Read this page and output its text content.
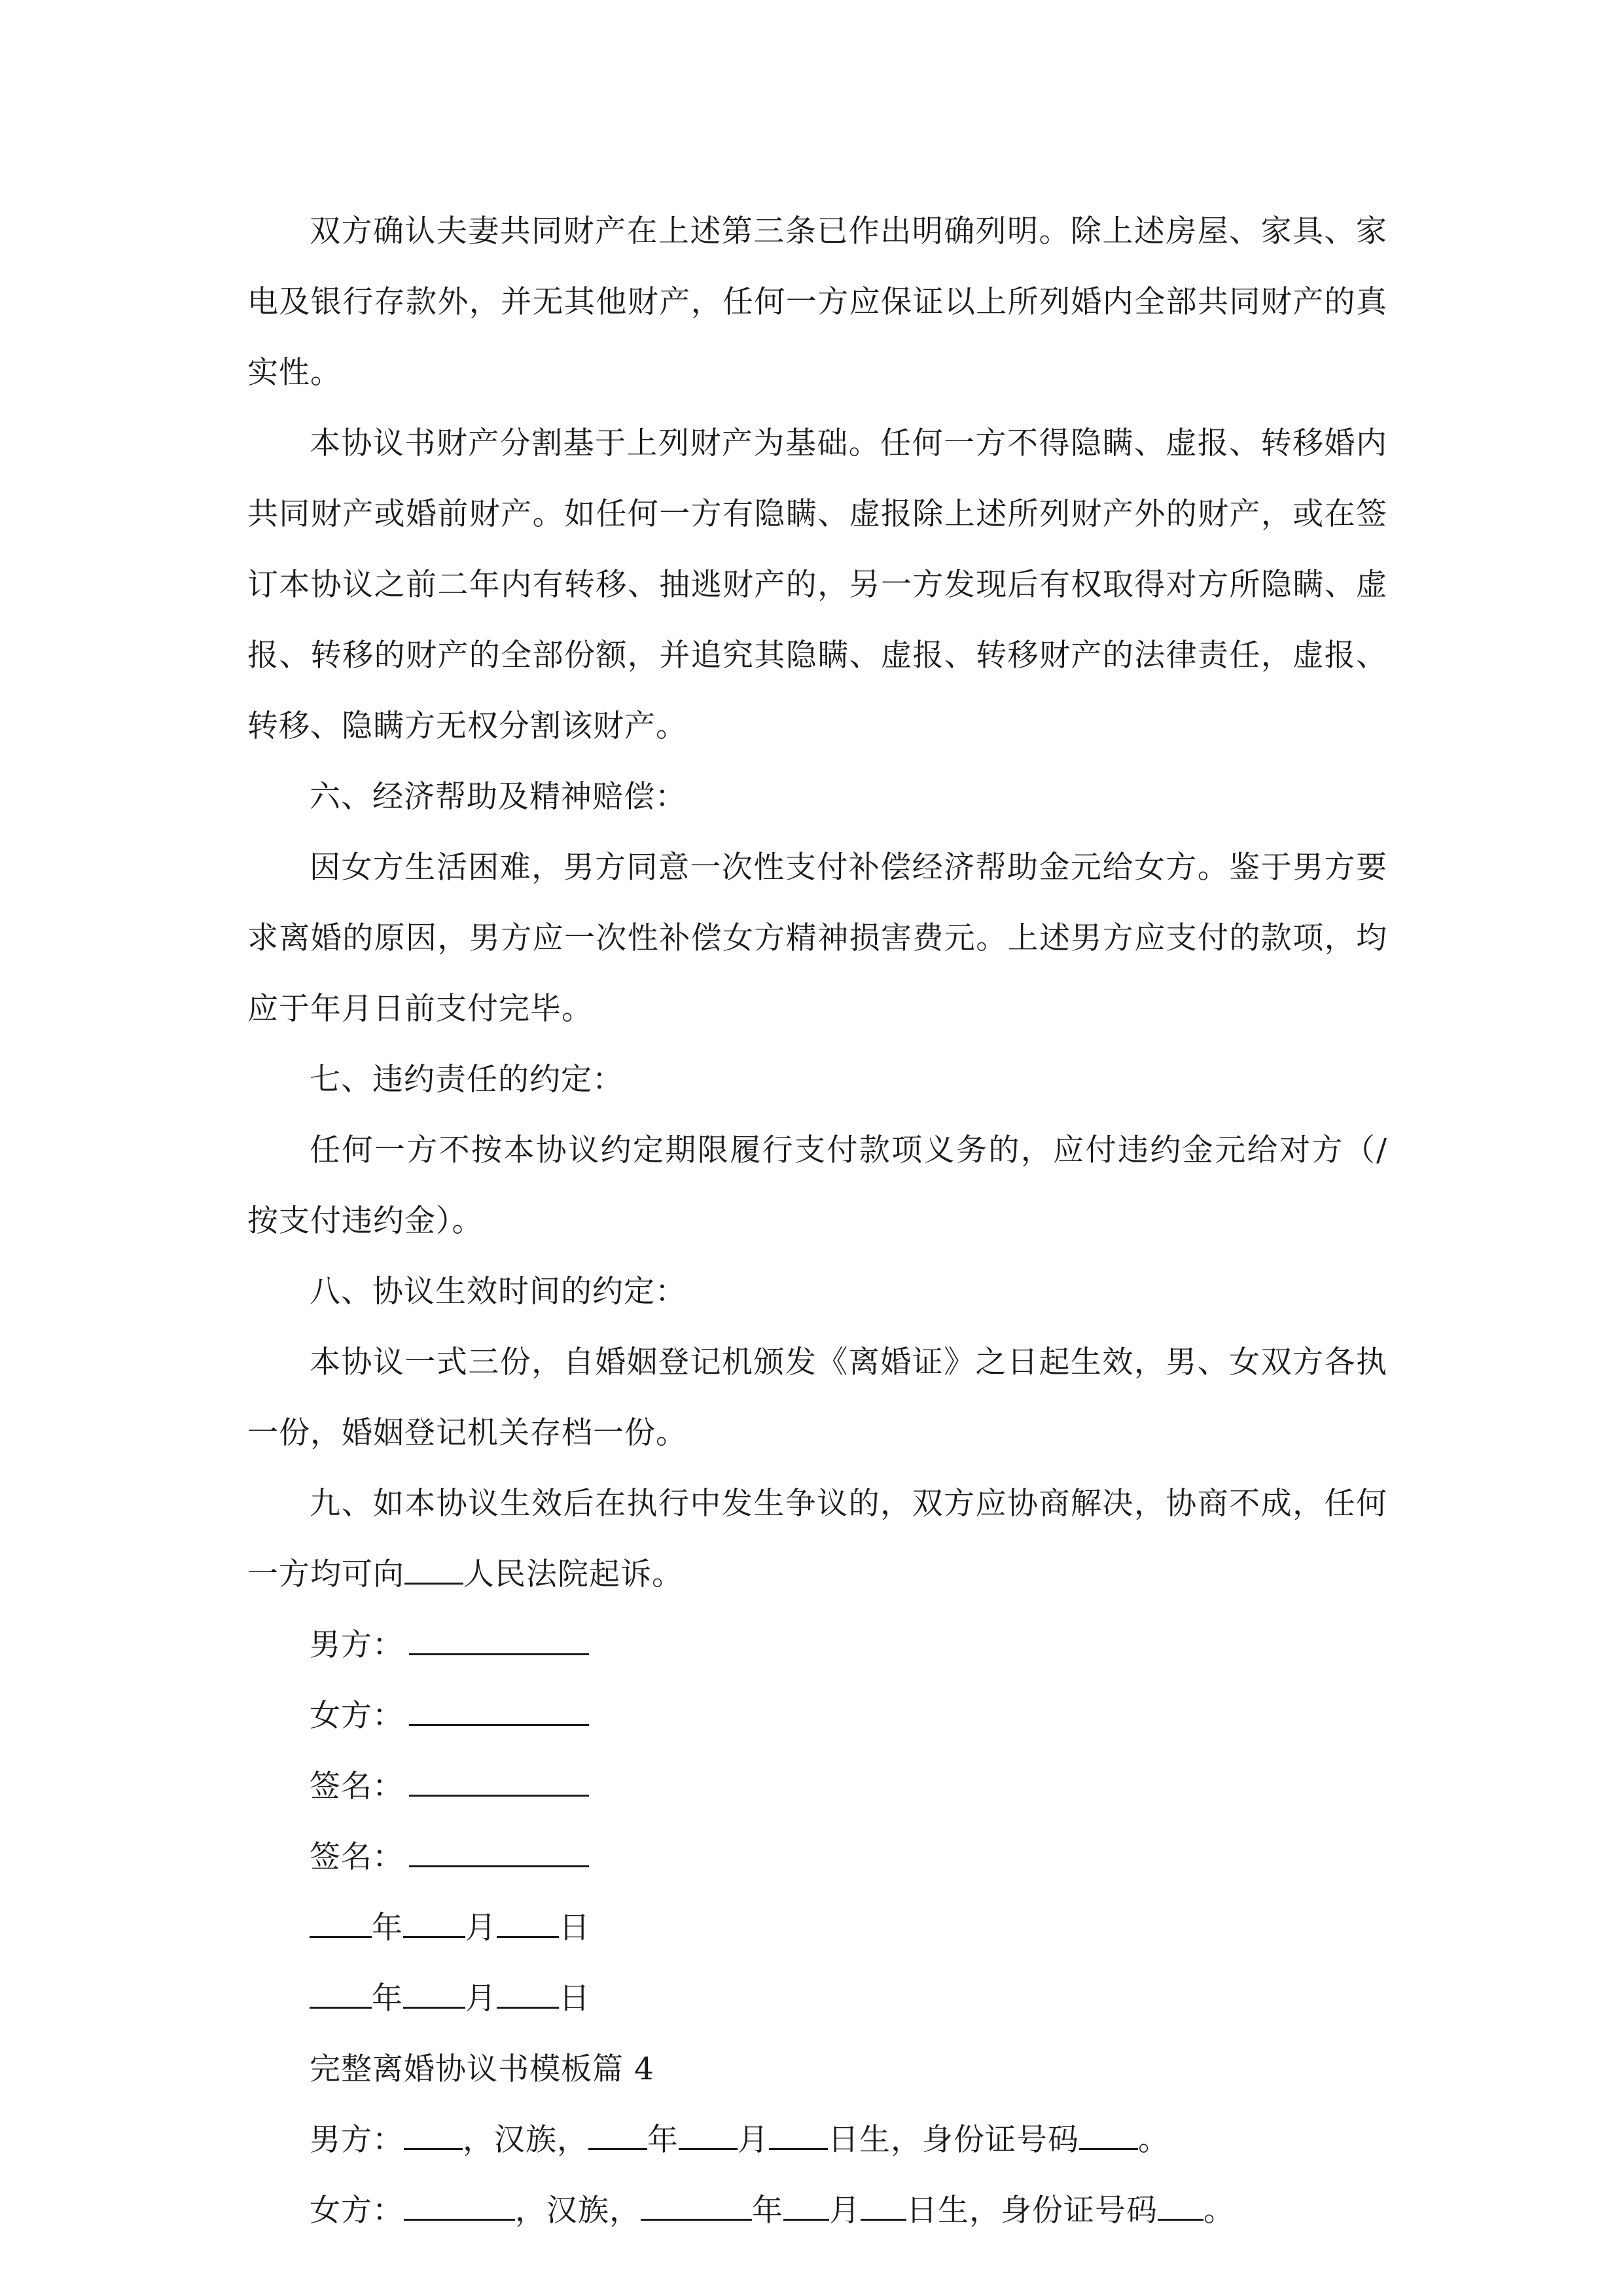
双方确认夫妻共同财产在上述第三条已作出明确列明。除上述房屋、家具、家电及银行存款外，并无其他财产，任何一方应保证以上所列婚内全部共同财产的真实性。

本协议书财产分割基于上列财产为基础。任何一方不得隐瞒、虚报、转移婚内共同财产或婚前财产。如任何一方有隐瞒、虚报除上述所列财产外的财产，或在签订本协议之前二年内有转移、抽逃财产的，另一方发现后有权取得对方所隐瞒、虚报、转移的财产的全部份额，并追究其隐瞒、虚报、转移财产的法律责任，虚报、转移、隐瞒方无权分割该财产。

六、经济帮助及精神赔偿：

因女方生活困难，男方同意一次性支付补偿经济帮助金元给女方。鉴于男方要求离婚的原因，男方应一次性补偿女方精神损害费元。上述男方应支付的款项，均应于年月日前支付完毕。

七、违约责任的约定：

任何一方不按本协议约定期限履行支付款项义务的，应付违约金元给对方（/按支付违约金）。

八、协议生效时间的约定：

本协议一式三份，自婚姻登记机颁发《离婚证》之日起生效，男、女双方各执一份，婚姻登记机关存档一份。

九、如本协议生效后在执行中发生争议的，双方应协商解决，协商不成，任何一方均可向 人民法院起诉。

男方：

女方：

签名：

签名：

年 月 日

年 月 日

完整离婚协议书模板篇 4

男方： ，汉族， 年 月 日生，身份证号码 。

女方：	，汉族，	年 月 日生，身份证号码 。
